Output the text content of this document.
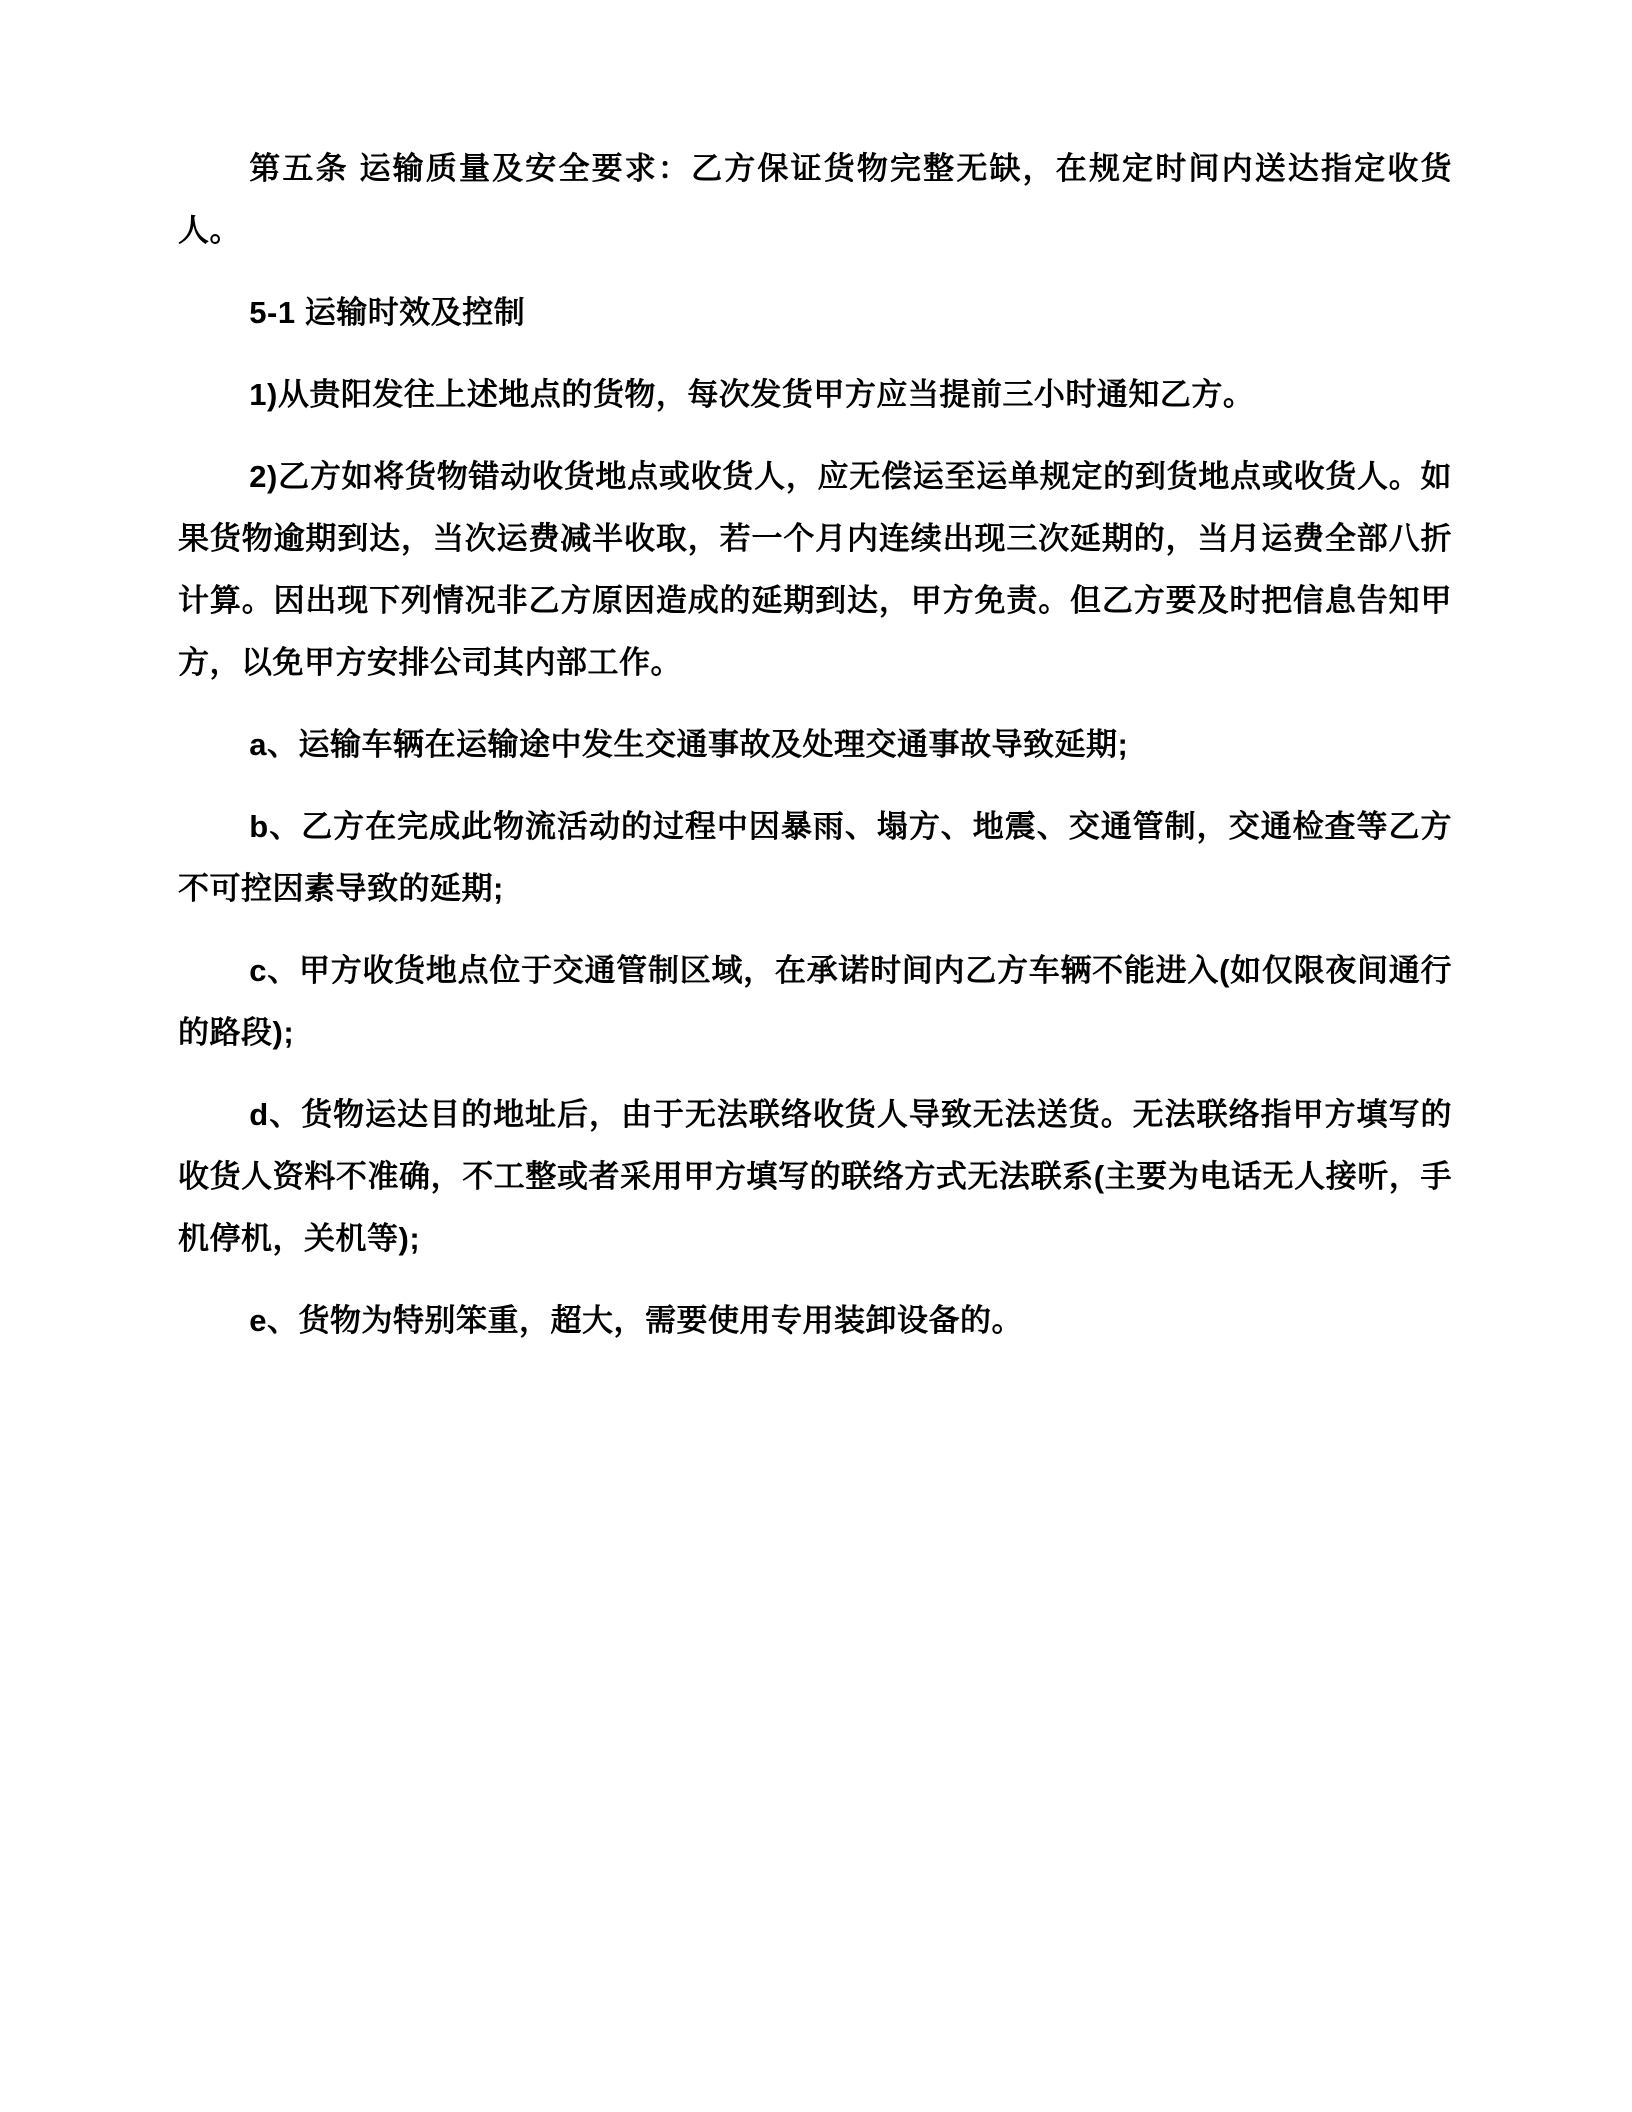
第五条 运输质量及安全要求：乙方保证货物完整无缺，在规定时间内送达指定收货人。

5-1 运输时效及控制

1)从贵阳发往上述地点的货物，每次发货甲方应当提前三小时通知乙方。

2)乙方如将货物错动收货地点或收货人，应无偿运至运单规定的到货地点或收货人。如果货物逾期到达，当次运费减半收取，若一个月内连续出现三次延期的，当月运费全部八折计算。因出现下列情况非乙方原因造成的延期到达，甲方免责。但乙方要及时把信息告知甲方，以免甲方安排公司其内部工作。

a、运输车辆在运输途中发生交通事故及处理交通事故导致延期;

b、乙方在完成此物流活动的过程中因暴雨、塌方、地震、交通管制，交通检查等乙方不可控因素导致的延期;

c、甲方收货地点位于交通管制区域，在承诺时间内乙方车辆不能进入(如仅限夜间通行的路段);

d、货物运达目的地址后，由于无法联络收货人导致无法送货。无法联络指甲方填写的收货人资料不准确，不工整或者采用甲方填写的联络方式无法联系(主要为电话无人接听，手机停机，关机等);

e、货物为特别笨重，超大，需要使用专用装卸设备的。
